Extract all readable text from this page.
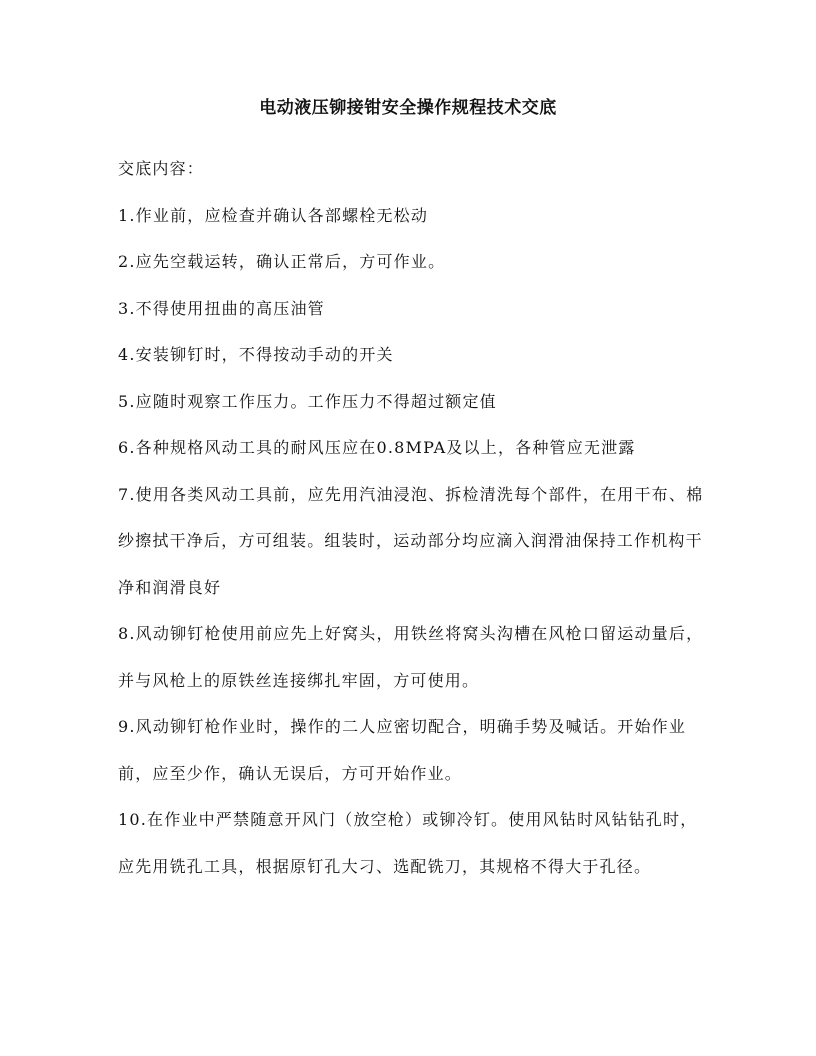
电动液压铆接钳安全操作规程技术交底

交底内容：

1.作业前，应检查并确认各部螺栓无松动

2.应先空载运转，确认正常后，方可作业。

3.不得使用扭曲的高压油管

4.安装铆钉时，不得按动手动的开关

5.应随时观察工作压力。工作压力不得超过额定值

6.各种规格风动工具的耐风压应在0.8MPA及以上，各种管应无泄露

7.使用各类风动工具前，应先用汽油浸泡、拆检清洗每个部件，在用干布、棉纱擦拭干净后，方可组装。组装时，运动部分均应滴入润滑油保持工作机构干净和润滑良好

8.风动铆钉枪使用前应先上好窝头，用铁丝将窝头沟槽在风枪口留运动量后，并与风枪上的原铁丝连接绑扎牢固，方可使用。

9.风动铆钉枪作业时，操作的二人应密切配合，明确手势及喊话。开始作业前，应至少作，确认无误后，方可开始作业。

10.在作业中严禁随意开风门（放空枪）或铆冷钉。使用风钻时风钻钻孔时，应先用铣孔工具，根据原钉孔大刁、选配铣刀，其规格不得大于孔径。
